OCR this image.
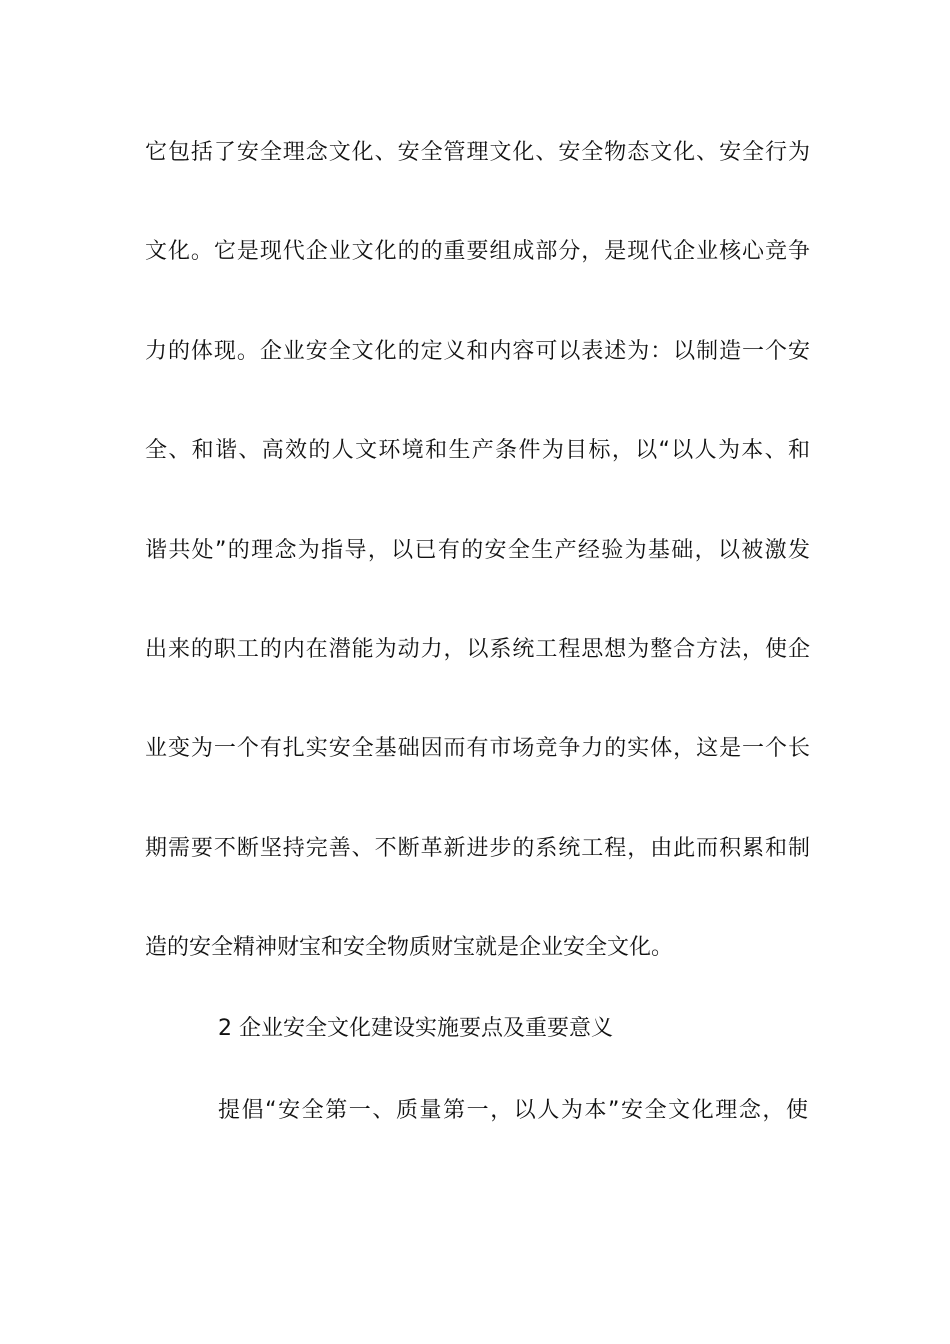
它包括了安全理念文化、安全管理文化、安全物态文化、安全行为
文化。它是现代企业文化的的重要组成部分，是现代企业核心竞争
力的体现。企业安全文化的定义和内容可以表述为：以制造一个安
全、和谐、高效的人文环境和生产条件为目标，以“以人为本、和
谐共处”的理念为指导，以已有的安全生产经验为基础，以被激发
出来的职工的内在潜能为动力，以系统工程思想为整合方法，使企
业变为一个有扎实安全基础因而有市场竞争力的实体，这是一个长
期需要不断坚持完善、不断革新进步的系统工程，由此而积累和制
造的安全精神财宝和安全物质财宝就是企业安全文化。
2 企业安全文化建设实施要点及重要意义
提倡“安全第一、质量第一，以人为本”安全文化理念，使
